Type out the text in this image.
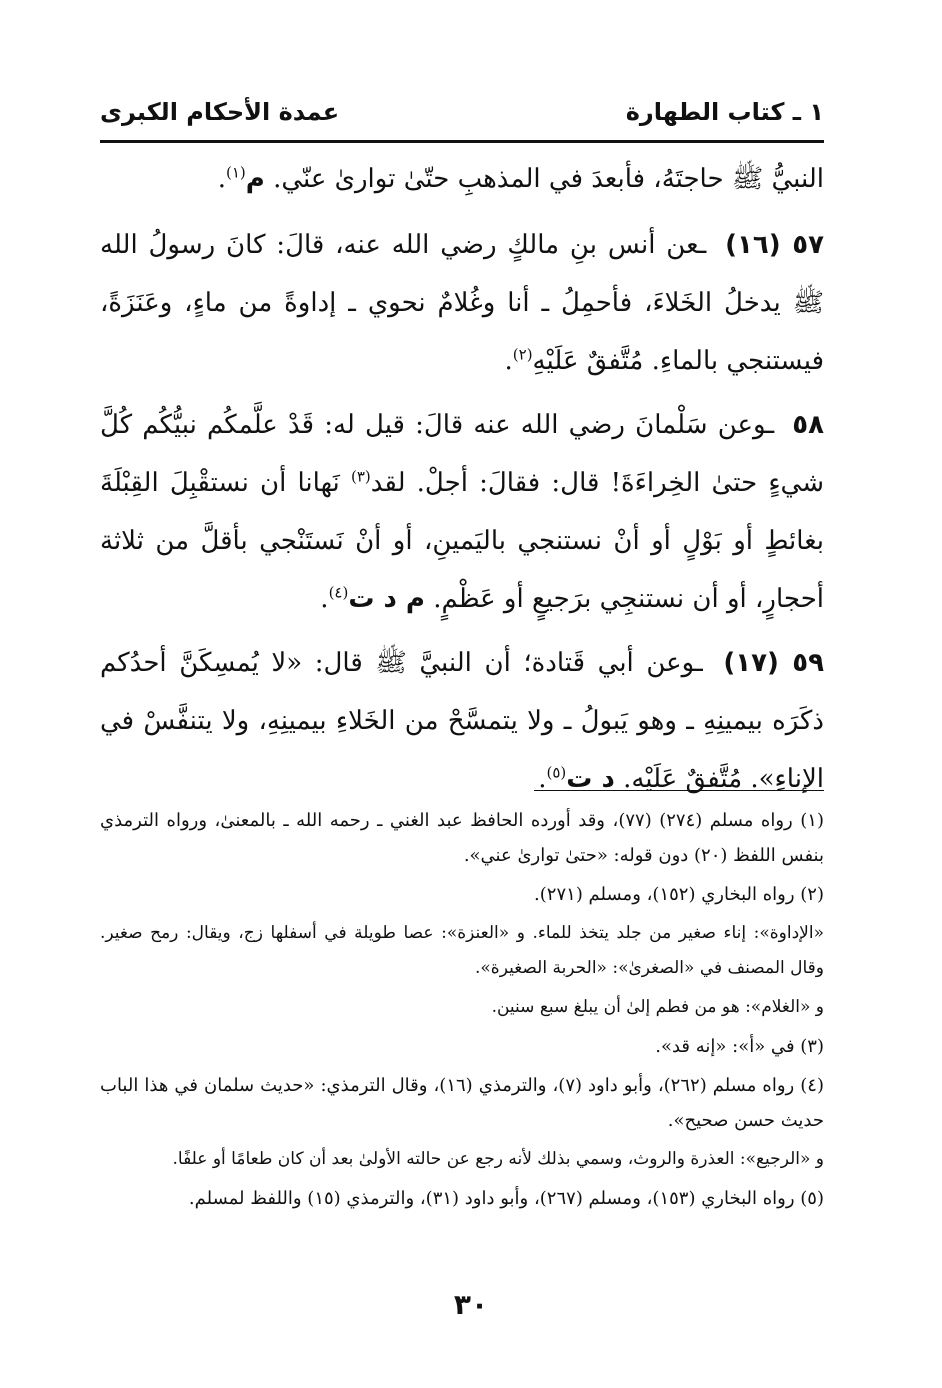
١ ـ كتاب الطهارة
عمدة الأحكام الكبرى

النبيُّ ﷺ حاجتَهُ، فأبعدَ في المذهبِ حتّىٰ توارىٰ عنّي. م$^{(١)}$.

٥٧ (١٦) ـعن أنس بنِ مالكٍ رضي الله عنه، قالَ: كانَ رسولُ الله ﷺ يدخلُ الخَلاءَ، فأحمِلُ ـ أنا وغُلامٌ نحوي ـ إداوةً من ماءٍ، وعَنَزَةً، فيستنجي بالماءِ. مُتَّفقٌ عَلَيْهِ$^{(٢)}$.

٥٨ ـوعن سَلْمانَ رضي الله عنه قالَ: قيل له: قَدْ علَّمكُم نبيُّكُم كُلَّ شيءٍ حتىٰ الخِراءَةَ! قال: فقالَ: أجلْ. لقد$^{(٣)}$ نَهانا أن نستقْبِلَ القِبْلَةَ بغائطٍ أو بَوْلٍ أو أنْ نستنجي باليَمينِ، أو أنْ نَستَنْجي بأقلَّ من ثلاثة أحجارٍ، أو أن نستنجِي برَجيعٍ أو عَظْمٍ. م د ت$^{(٤)}$.

٥٩ (١٧) ـوعن أبي قَتادة؛ أن النبيَّ ﷺ قال: «لا يُمسِكَنَّ أحدُكم ذكَرَه بيمينِهِ ـ وهو يَبولُ ـ ولا يتمسَّحْ من الخَلاءِ بيمينِهِ، ولا يتنفَّسْ في الإناءِ». مُتَّفقٌ عَلَيْه. د ت$^{(٥)}$.

(١) رواه مسلم (٢٧٤) (٧٧)، وقد أورده الحافظ عبد الغني ـ رحمه الله ـ بالمعنىٰ، ورواه الترمذي بنفس اللفظ (٢٠) دون قوله: «حتىٰ توارىٰ عني».

(٢) رواه البخاري (١٥٢)، ومسلم (٢٧١).

«الإداوة»: إناء صغير من جلد يتخذ للماء. و «العنزة»: عصا طويلة في أسفلها زج، ويقال: رمح صغير. وقال المصنف في «الصغرىٰ»: «الحربة الصغيرة».

و «الغلام»: هو من فطم إلىٰ أن يبلغ سبع سنين.

(٣) في «أ»: «إنه قد».

(٤) رواه مسلم (٢٦٢)، وأبو داود (٧)، والترمذي (١٦)، وقال الترمذي: «حديث سلمان في هذا الباب حديث حسن صحيح».

و «الرجيع»: العذرة والروث، وسمي بذلك لأنه رجع عن حالته الأولىٰ بعد أن كان طعامًا أو علفًا.

(٥) رواه البخاري (١٥٣)، ومسلم (٢٦٧)، وأبو داود (٣١)، والترمذي (١٥) واللفظ لمسلم.

٣٠
